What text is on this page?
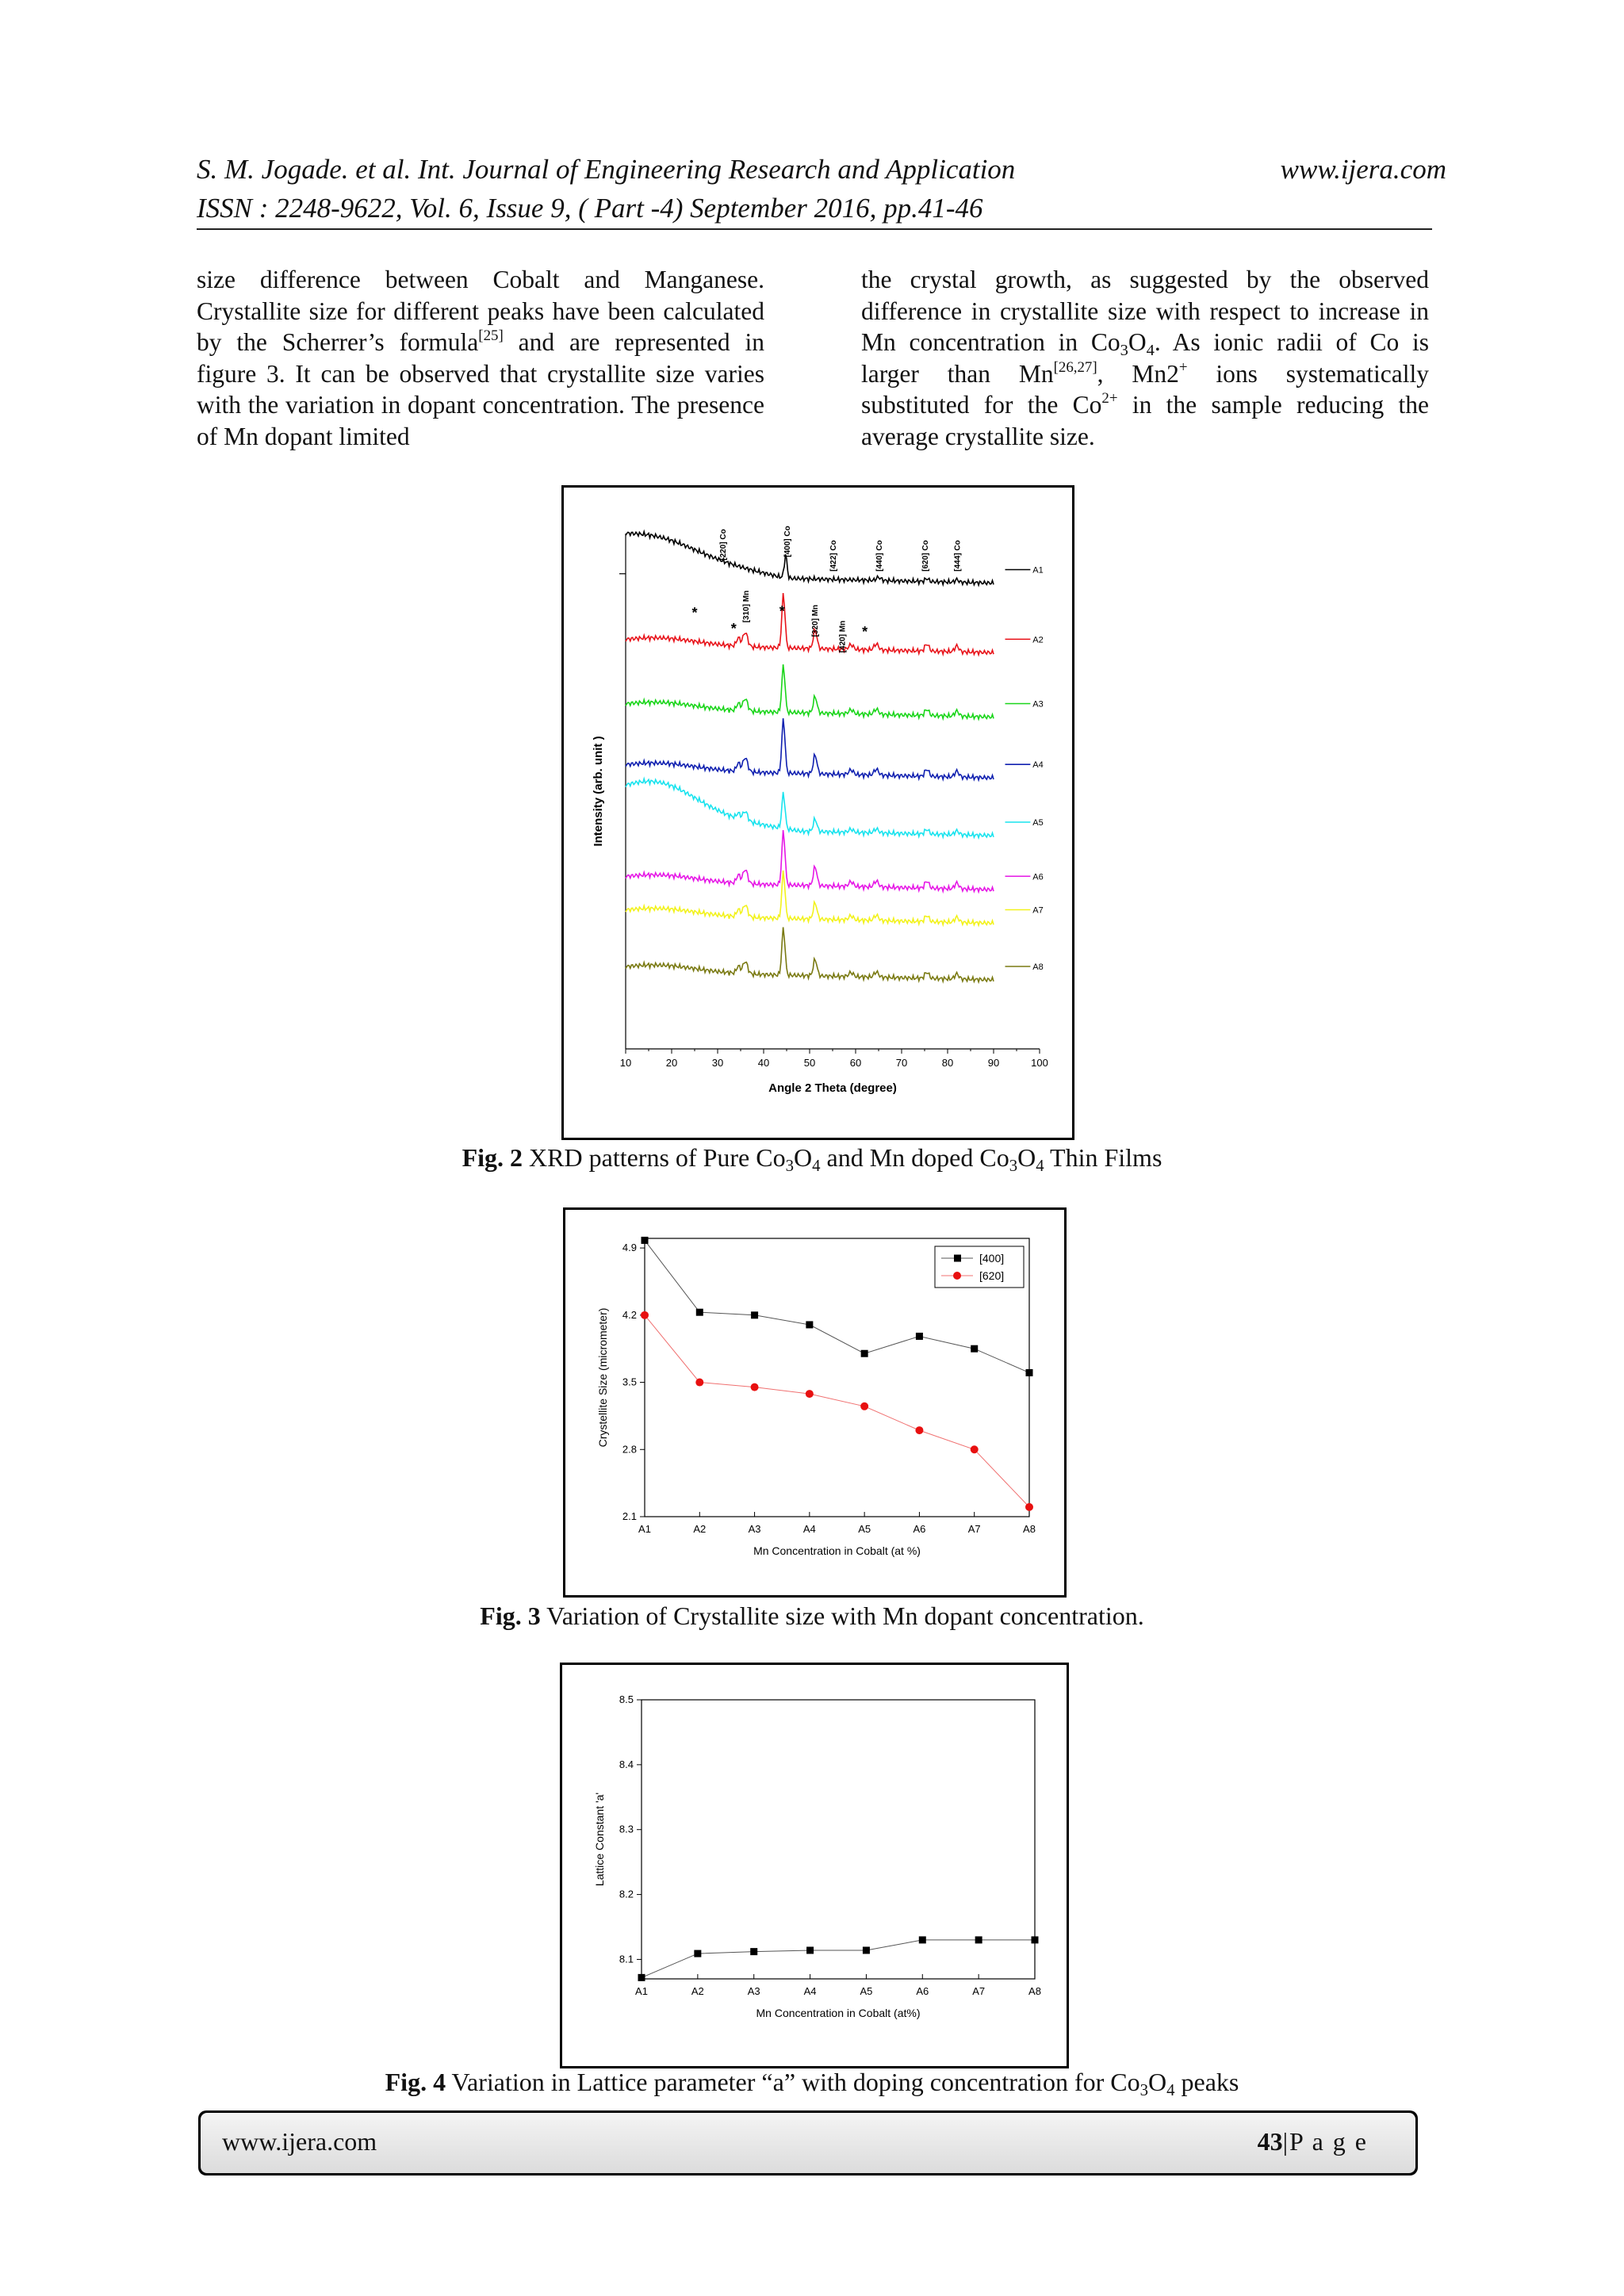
S. M. Jogade. et al. Int. Journal of Engineering Research and Application	www.ijera.com
ISSN : 2248-9622, Vol. 6, Issue 9, ( Part -4) September 2016, pp.41-46
size difference between Cobalt and Manganese. Crystallite size for different peaks have been calculated by the Scherrer’s formula[25] and are represented in figure 3. It can be observed that crystallite size varies with the variation in dopant concentration. The presence of Mn dopant limited
the crystal growth, as suggested by the observed difference in crystallite size with respect to increase in Mn concentration in $Co_3O_4$. As ionic radii of Co is larger than Mn[26,27], Mn2+ ions systematically substituted for the $Co^{2+}$ in the sample reducing the average crystallite size.
10	20	30	40	50	60	70	80	90	100
Angle 2 Theta (degree)
Intensity (arb. unit )
A1
A2
A3
A4
A5
A6
A7
A8
[220] Co	[400] Co	[422] Co	[440] Co	[620] Co	[444] Co
[310] Mn	[320] Mn [420] Mn
*
*
*
*
Fig. 2 XRD patterns of Pure $Co_3O_4$ and Mn doped $Co_3O_4$ Thin Films
A1	A2	A3	A4	A5	A6	A7	A8
2.1
2.8
3.5
4.2
4.9
Mn Concentration in Cobalt (at %)
Crystellite Size (micrometer)
[400]
[620]
Fig. 3 Variation of Crystallite size with Mn dopant concentration.
A1	A2	A3	A4	A5	A6	A7	A8
8.1
8.2
8.3
8.4
8.5
Mn Concentration in Cobalt (at%)
Lattice Constant 'a'
Fig. 4 Variation in Lattice parameter “a” with doping concentration for $Co_3O_4$ peaks
www.ijera.com	43|P a g e
